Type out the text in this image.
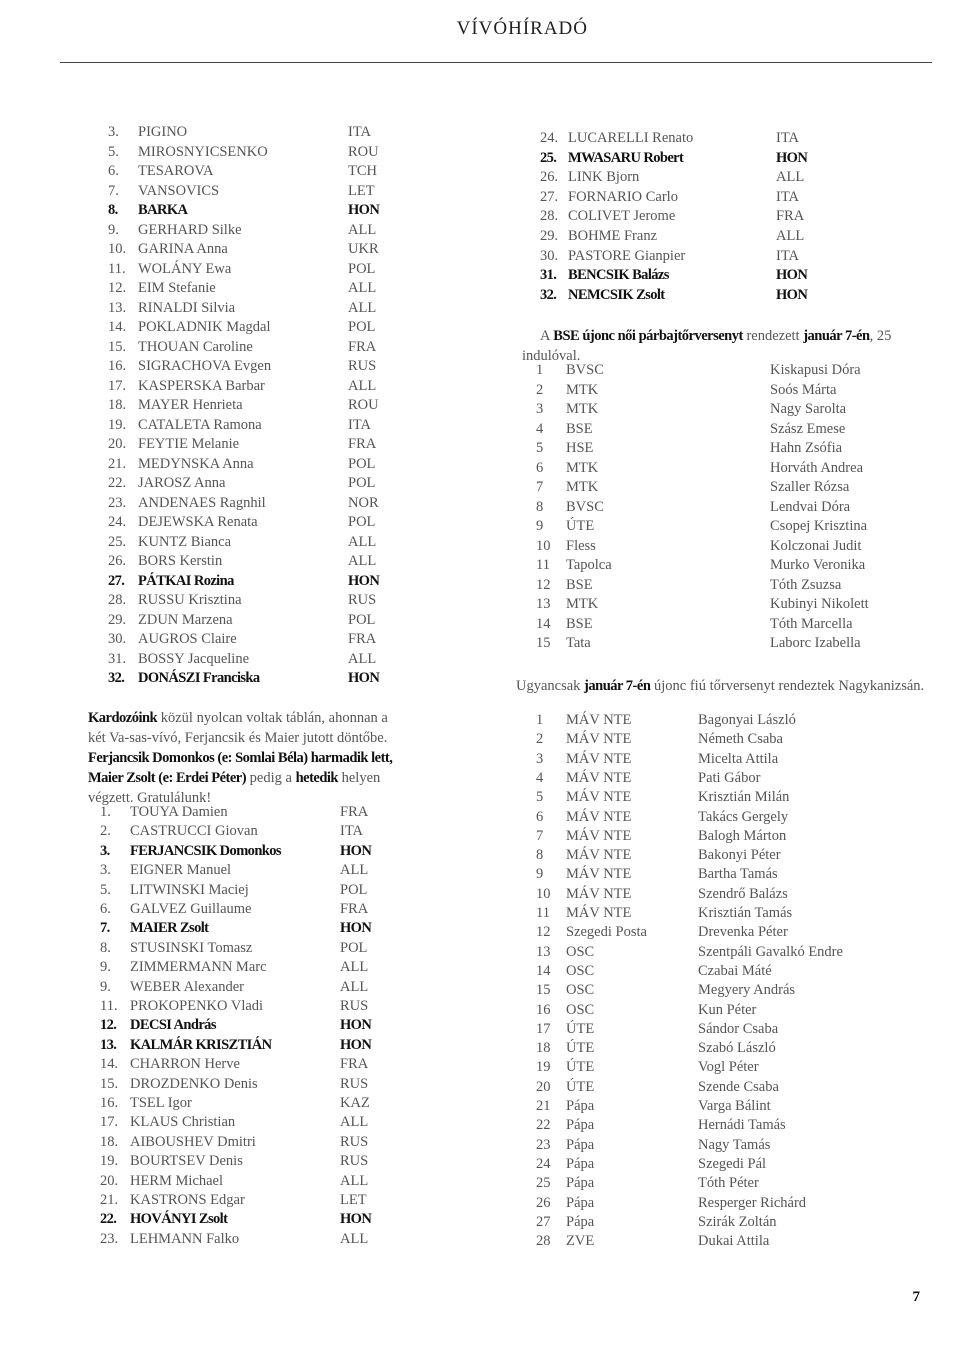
VÍVÓHÍRADÓ
3. PIGINO	ITA
5. MIROSNYICSENKO	ROU
6. TESAROVA	TCH
7. VANSOVICS	LET
8. BARKA	HON
9. GERHARD Silke	ALL
10. GARINA Anna	UKR
11. WOLÁNY Ewa	POL
12. EIM Stefanie	ALL
13. RINALDI Silvia	ALL
14. POKLADNIK Magdal	POL
15. THOUAN Caroline	FRA
16. SIGRACHOVA Evgen	RUS
17. KASPERSKA Barbar	ALL
18. MAYER Henrieta	ROU
19. CATALETA Ramona	ITA
20. FEYTIE Melanie	FRA
21. MEDYNSKA Anna	POL
22. JAROSZ Anna	POL
23. ANDENAES Ragnhil	NOR
24. DEJEWSKA Renata	POL
25. KUNTZ Bianca	ALL
26. BORS Kerstin	ALL
27. PÁTKAI Rozina	HON
28. RUSSU Krisztina	RUS
29. ZDUN Marzena	POL
30. AUGROS Claire	FRA
31. BOSSY Jacqueline	ALL
32. DONÁSZI Franciska	HON
Kardozóink közül nyolcan voltak táblán, ahonnan a két Va-sas-vívó, Ferjancsik és Maier jutott döntőbe.
Ferjancsik Domonkos (e: Somlai Béla) harmadik lett, Maier Zsolt (e: Erdei Péter) pedig a hetedik helyen végzett. Gratulálunk!
1. TOUYA Damien	FRA
2. CASTRUCCI Giovan	ITA
3. FERJANCSIK Domonkos	HON
3. EIGNER Manuel	ALL
5. LITWINSKI Maciej	POL
6. GALVEZ Guillaume	FRA
7. MAIER Zsolt	HON
8. STUSINSKI Tomasz	POL
9. ZIMMERMANN Marc	ALL
9. WEBER Alexander	ALL
11. PROKOPENKO Vladi	RUS
12. DECSI András	HON
13. KALMÁR KRISZTIÁN	HON
14. CHARRON Herve	FRA
15. DROZDENKO Denis	RUS
16. TSEL Igor	KAZ
17. KLAUS Christian	ALL
18. AIBOUSHEV Dmitri	RUS
19. BOURTSEV Denis	RUS
20. HERM Michael	ALL
21. KASTRONS Edgar	LET
22. HOVÁNYI Zsolt	HON
23. LEHMANN Falko	ALL
24. LUCARELLI Renato	ITA
25. MWASARU Robert	HON
26. LINK Bjorn	ALL
27. FORNARIO Carlo	ITA
28. COLIVET Jerome	FRA
29. BOHME Franz	ALL
30. PASTORE Gianpier	ITA
31. BENCSIK Balázs	HON
32. NEMCSIK Zsolt	HON
A BSE újonc női párbajtőrversenyt rendezett január 7-én, 25 indulóval.
1 BVSC	Kiskapusi Dóra
2 MTK	Soós Márta
3 MTK	Nagy Sarolta
4 BSE	Szász Emese
5 HSE	Hahn Zsófia
6 MTK	Horváth Andrea
7 MTK	Szaller Rózsa
8 BVSC	Lendvai Dóra
9 ÚTE	Csopej Krisztina
10 Fless	Kolczonai Judit
11 Tapolca	Murko Veronika
12 BSE	Tóth Zsuzsa
13 MTK	Kubinyi Nikolett
14 BSE	Tóth Marcella
15 Tata	Laborc Izabella
Ugyancsak január 7-én újonc fiú tőrversenyt rendeztek Nagykanizsán.
1 MÁV NTE	Bagonyai László
2 MÁV NTE	Németh Csaba
3 MÁV NTE	Micelta Attila
4 MÁV NTE	Pati Gábor
5 MÁV NTE	Krisztián Milán
6 MÁV NTE	Takács Gergely
7 MÁV NTE	Balogh Márton
8 MÁV NTE	Bakonyi Péter
9 MÁV NTE	Bartha Tamás
10 MÁV NTE	Szendrő Balázs
11 MÁV NTE	Krisztián Tamás
12 Szegedi Posta	Drevenka Péter
13 OSC	Szentpáli Gavalkó Endre
14 OSC	Czabai Máté
15 OSC	Megyery András
16 OSC	Kun Péter
17 ÚTE	Sándor Csaba
18 ÚTE	Szabó László
19 ÚTE	Vogl Péter
20 ÚTE	Szende Csaba
21 Pápa	Varga Bálint
22 Pápa	Hernádi Tamás
23 Pápa	Nagy Tamás
24 Pápa	Szegedi Pál
25 Pápa	Tóth Péter
26 Pápa	Resperger Richárd
27 Pápa	Szirák Zoltán
28 ZVE	Dukai Attila
7
